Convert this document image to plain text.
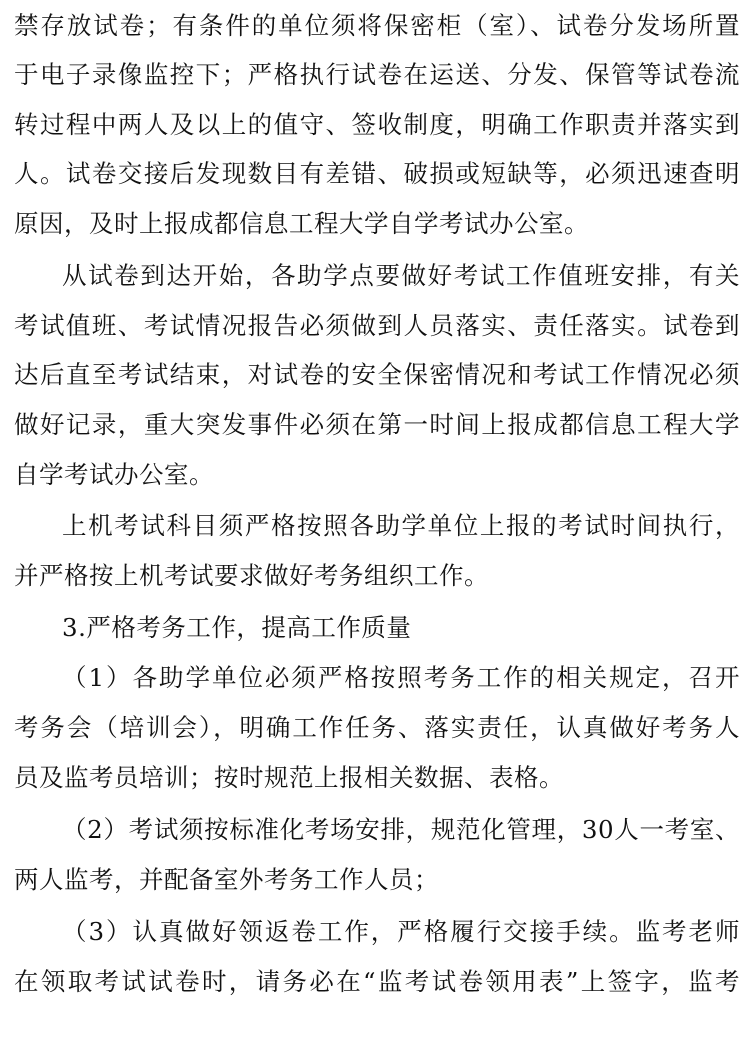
禁存放试卷；有条件的单位须将保密柜（室）、试卷分发场所置
于电子录像监控下；严格执行试卷在运送、分发、保管等试卷流
转过程中两人及以上的值守、签收制度，明确工作职责并落实到
人。试卷交接后发现数目有差错、破损或短缺等，必须迅速查明
原因，及时上报成都信息工程大学自学考试办公室。
从试卷到达开始，各助学点要做好考试工作值班安排，有关
考试值班、考试情况报告必须做到人员落实、责任落实。试卷到
达后直至考试结束，对试卷的安全保密情况和考试工作情况必须
做好记录，重大突发事件必须在第一时间上报成都信息工程大学
自学考试办公室。
上机考试科目须严格按照各助学单位上报的考试时间执行，
并严格按上机考试要求做好考务组织工作。
3.严格考务工作，提高工作质量
（1）各助学单位必须严格按照考务工作的相关规定，召开
考务会（培训会），明确工作任务、落实责任，认真做好考务人
员及监考员培训；按时规范上报相关数据、表格。
（2）考试须按标准化考场安排，规范化管理，30人一考室、
两人监考，并配备室外考务工作人员；
（3）认真做好领返卷工作，严格履行交接手续。监考老师
在领取考试试卷时，请务必在“监考试卷领用表”上签字，监考
